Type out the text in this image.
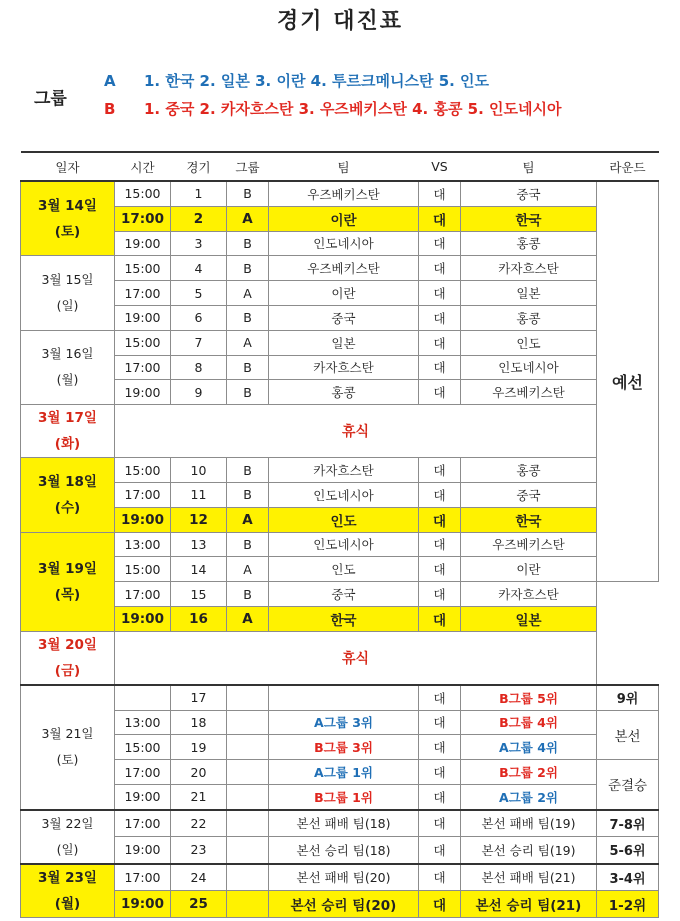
경기 대진표
그룹
A 1. 한국 2. 일본 3. 이란 4. 투르크메니스탄 5. 인도
B 1. 중국 2. 카자흐스탄 3. 우즈베키스탄 4. 홍콩 5. 인도네시아
일자	시간	경기	그룹	팀	VS	팀	라운드
3월 14일
(토)	15:00	1	B	우즈베키스탄	대	중국	예선
	17:00	2	A	이란	대	한국	
	19:00	3	B	인도네시아	대	홍콩	
3월 15일
(일)	15:00	4	B	우즈베키스탄	대	카자흐스탄	
	17:00	5	A	이란	대	일본	
	19:00	6	B	중국	대	홍콩	
3월 16일
(월)	15:00	7	A	일본	대	인도	
	17:00	8	B	카자흐스탄	대	인도네시아	
	19:00	9	B	홍콩	대	우즈베키스탄	
3월 17일
(화)	휴식						
3월 18일
(수)	15:00	10	B	카자흐스탄	대	홍콩	
	17:00	11	B	인도네시아	대	중국	
	19:00	12	A	인도	대	한국	
3월 19일
(목)	13:00	13	B	인도네시아	대	우즈베키스탄	
	15:00	14	A	인도	대	이란	
	17:00	15	B	중국	대	카자흐스탄	
	19:00	16	A	한국	대	일본	
3월 20일
(금)	휴식						
3월 21일
(토)		17			대	B그룹 5위	9위
	13:00	18		A그룹 3위	대	B그룹 4위	본선
	15:00	19		B그룹 3위	대	A그룹 4위	
	17:00	20		A그룹 1위	대	B그룹 2위	준결승
	19:00	21		B그룹 1위	대	A그룹 2위	
3월 22일
(일)	17:00	22		본선 패배 팀(18)	대	본선 패배 팀(19)	7-8위
	19:00	23		본선 승리 팀(18)	대	본선 승리 팀(19)	5-6위
3월 23일
(월)	17:00	24		본선 패배 팀(20)	대	본선 패배 팀(21)	3-4위
	19:00	25		본선 승리 팀(20)	대	본선 승리 팀(21)	1-2위
